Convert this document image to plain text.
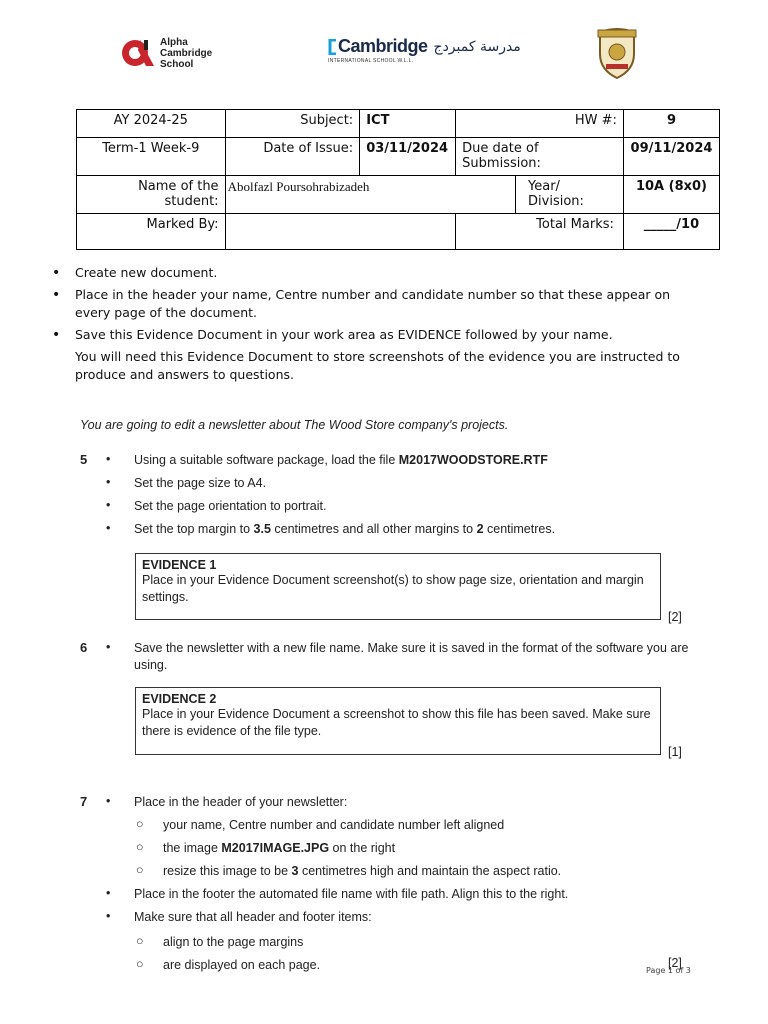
Alpha
Cambridge
School
Cambridge مدرسة كمبردج
INTERNATIONAL SCHOOL W.L.L.
AY 2024-25	Subject:	ICT	HW #:		9
Term-1 Week-9	Date of Issue:	03/11/2024	Due date of Submission:		09/11/2024
Name of the student:	Abolfazl Poursohrabizadeh			Year/ Division:	10A (8x0)
Marked By:			Total Marks:		_____/10
• Create new document.
• Place in the header your name, Centre number and candidate number so that these appear on every page of the document.
• Save this Evidence Document in your work area as EVIDENCE followed by your name.
You will need this Evidence Document to store screenshots of the evidence you are instructed to produce and answers to questions.
You are going to edit a newsletter about The Wood Store company's projects.
5 • Using a suitable software package, load the file M2017WOODSTORE.RTF
• Set the page size to A4.
• Set the page orientation to portrait.
• Set the top margin to 3.5 centimetres and all other margins to 2 centimetres.
EVIDENCE 1
Place in your Evidence Document screenshot(s) to show page size, orientation and margin settings.
[2]
6 • Save the newsletter with a new file name. Make sure it is saved in the format of the software you are using.
EVIDENCE 2
Place in your Evidence Document a screenshot to show this file has been saved. Make sure there is evidence of the file type.
[1]
7 • Place in the header of your newsletter:
○ your name, Centre number and candidate number left aligned
○ the image M2017IMAGE.JPG on the right
○ resize this image to be 3 centimetres high and maintain the aspect ratio.
• Place in the footer the automated file name with file path. Align this to the right.
• Make sure that all header and footer items:
○ align to the page margins
○ are displayed on each page.	[2]
Page 1 of 3
